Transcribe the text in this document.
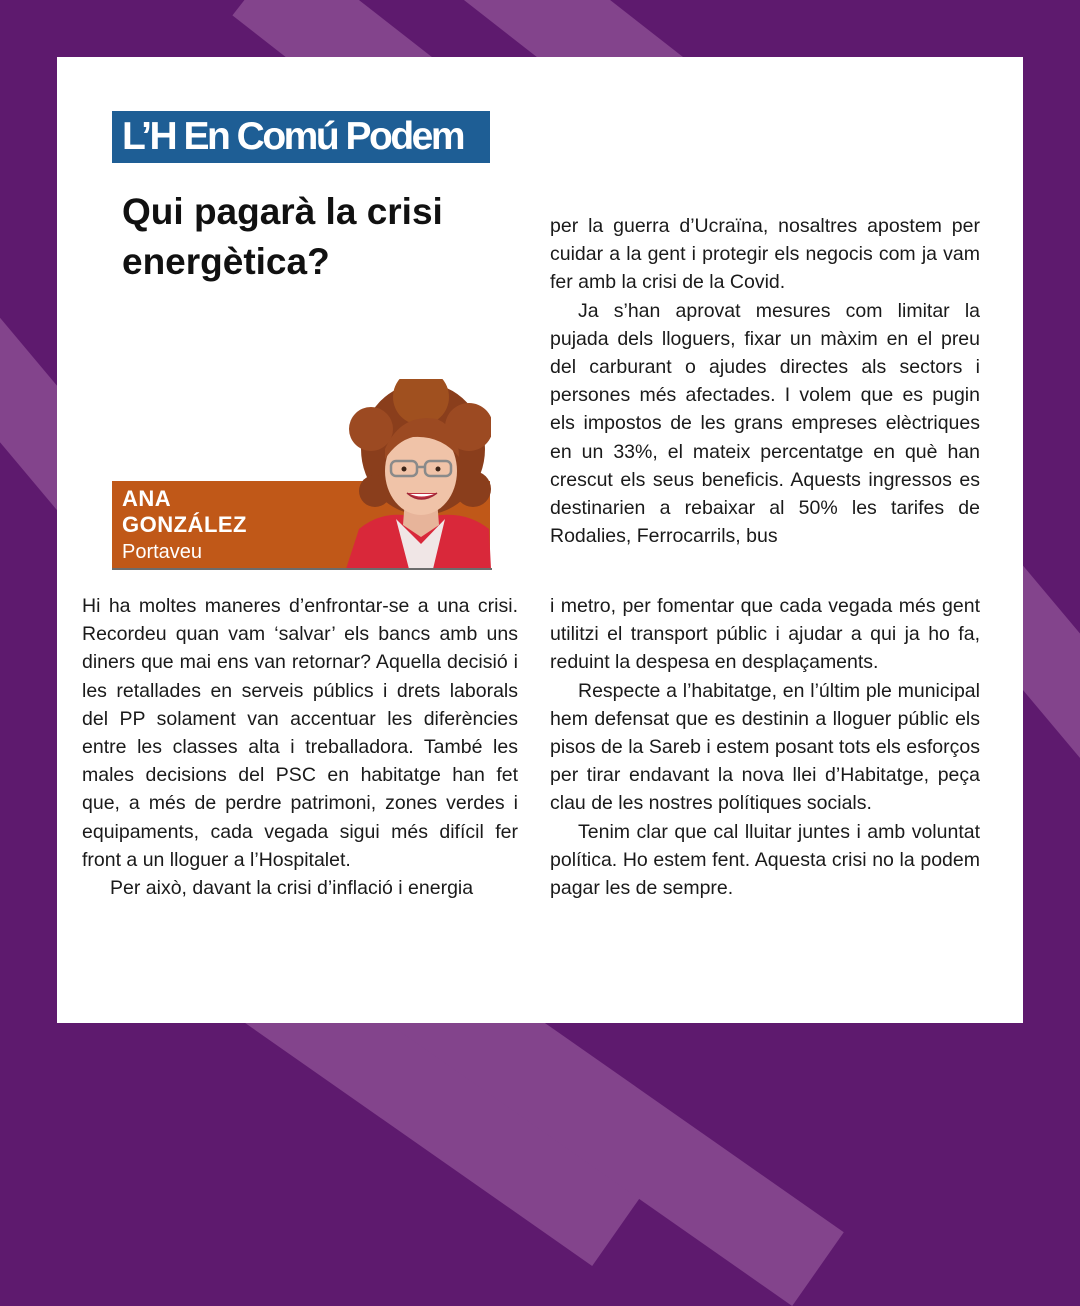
L’H En Comú Podem
Qui pagarà la crisi energètica?
ANA
GONZÁLEZ
Portaveu

per la guerra d’Ucraïna, nosaltres apostem per cuidar a la gent i protegir els negocis com ja vam fer amb la crisi de la Covid.

Ja s’han aprovat mesures com limitar la pujada dels lloguers, fixar un màxim en el preu del carburant o ajudes directes als sectors i persones més afectades. I volem que es pugin els impostos de les grans empreses elèctriques en un 33%, el mateix percentatge en què han crescut els seus beneficis. Aquests ingressos es destinarien a rebaixar al 50% les tarifes de Rodalies, Ferrocarrils, bus

Hi ha moltes maneres d’enfrontar-se a una crisi. Recordeu quan vam ‘salvar’ els bancs amb uns diners que mai ens van retornar? Aquella decisió i les retallades en serveis públics i drets laborals del PP solament van accentuar les diferències entre les classes alta i treballadora. També les males decisions del PSC en habitatge han fet que, a més de perdre patrimoni, zones verdes i equipaments, cada vegada sigui més difícil fer front a un lloguer a l’Hospitalet.

Per això, davant la crisi d’inflació i energia

i metro, per fomentar que cada vegada més gent utilitzi el transport públic i ajudar a qui ja ho fa, reduint la despesa en desplaçaments.

Respecte a l’habitatge, en l’últim ple municipal hem defensat que es destinin a lloguer públic els pisos de la Sareb i estem posant tots els esforços per tirar endavant la nova llei d’Habitatge, peça clau de les nostres polítiques socials.

Tenim clar que cal lluitar juntes i amb voluntat política. Ho estem fent. Aquesta crisi no la podem pagar les de sempre.
